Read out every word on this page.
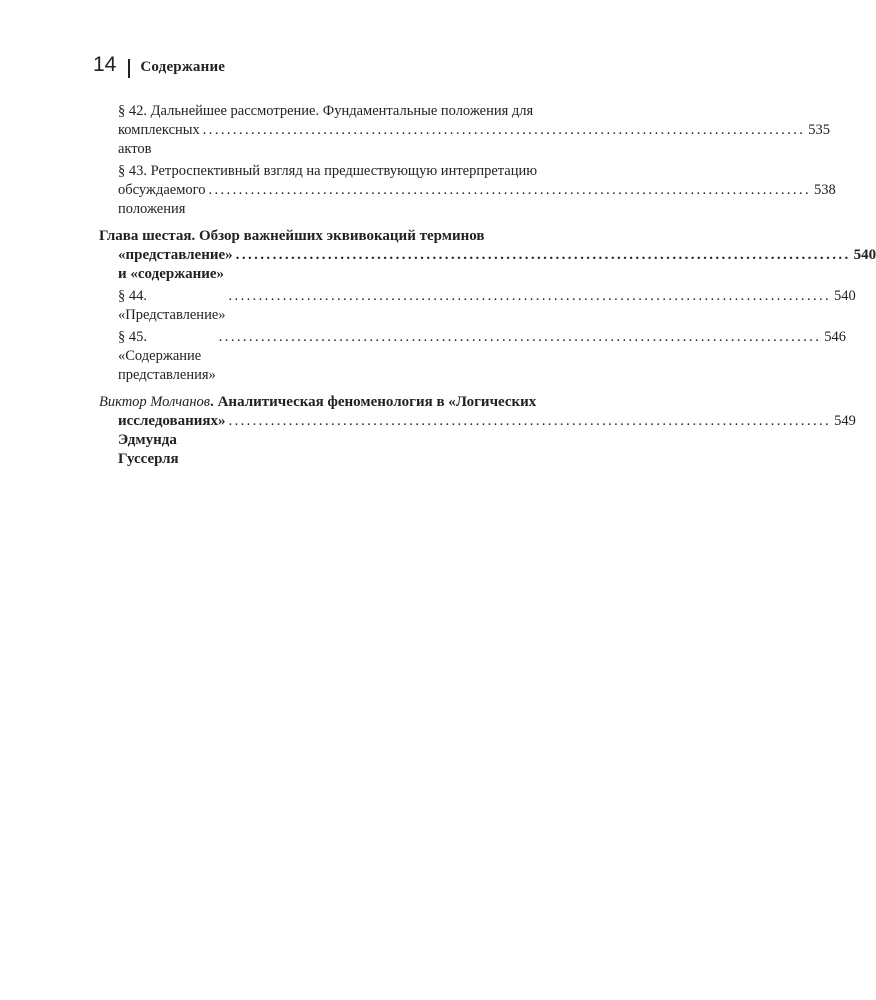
14 Содержание
§ 42. Дальнейшее рассмотрение. Фундаментальные положения для
комплексных актов
.................................................................................................... 535
§ 43. Ретроспективный взгляд на предшествующую интерпретацию
обсуждаемого положения
.................................................................................................... 538
Глава шестая. Обзор важнейших эквивокаций терминов
«представление» и «содержание»
.................................................................................................... 540
§ 44. «Представление»
.................................................................................................... 540
§ 45. «Содержание представления»
.................................................................................................... 546
Виктор Молчанов. Аналитическая феноменология в «Логических
исследованиях» Эдмунда Гуссерля
.................................................................................................... 549
